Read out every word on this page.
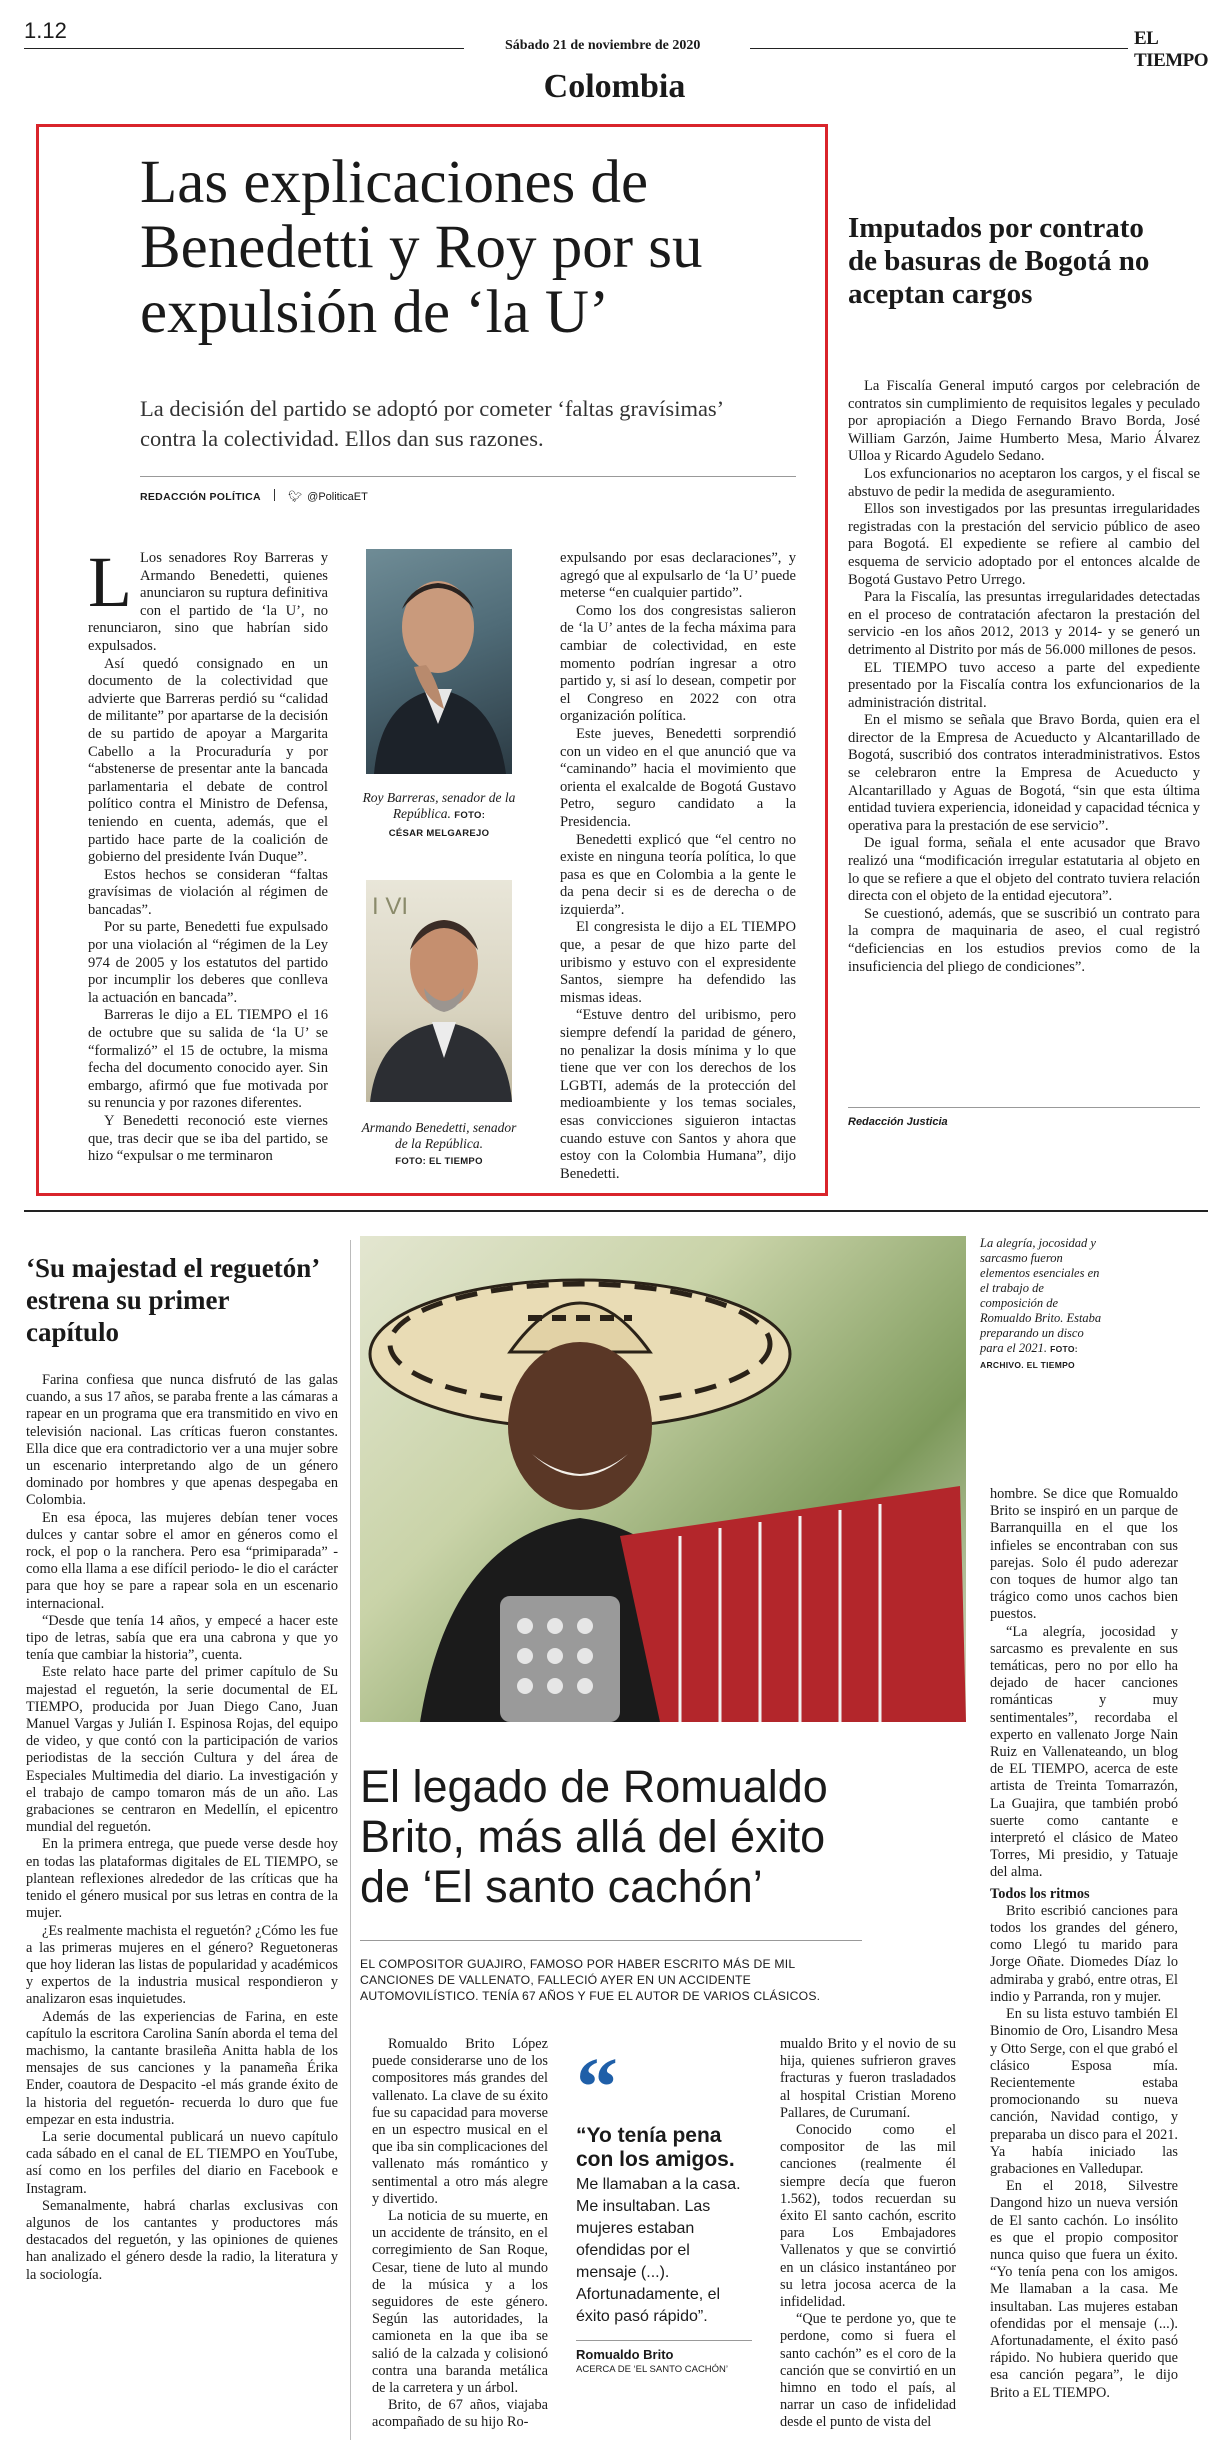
1.12
Sábado 21 de noviembre de 2020	EL TIEMPO
Colombia
Las explicaciones de Benedetti y Roy por su expulsión de ‘la U’
La decisión del partido se adoptó por cometer ‘faltas gravísimas’ contra la colectividad. Ellos dan sus razones.
REDACCIÓN POLÍTICA 🐦︎ @PoliticaET

L Los senadores Roy Barreras y Armando Benedetti, quienes anunciaron su ruptura definitiva con el partido de ‘la U’, no renunciaron, sino que habrían sido expulsados.

Así quedó consignado en un documento de la colectividad que advierte que Barreras perdió su “calidad de militante” por apartarse de la decisión de su partido de apoyar a Margarita Cabello a la Procuraduría y por “abstenerse de presentar ante la bancada parlamentaria el debate de control político contra el Ministro de Defensa, teniendo en cuenta, además, que el partido hace parte de la coalición de gobierno del presidente Iván Duque”.

Estos hechos se consideran “faltas gravísimas de violación al régimen de bancadas”.

Por su parte, Benedetti fue expulsado por una violación al “régimen de la Ley 974 de 2005 y los estatutos del partido por incumplir los deberes que conlleva la actuación en bancada”.

Barreras le dijo a EL TIEMPO el 16 de octubre que su salida de ‘la U’ se “formalizó” el 15 de octubre, la misma fecha del documento conocido ayer. Sin embargo, afirmó que fue motivada por su renuncia y por razones diferentes.

Y Benedetti reconoció este viernes que, tras decir que se iba del partido, se hizo “expulsar o me terminaron

Roy Barreras, senador de la República. FOTO:
CÉSAR MELGAREJO
I VI
Armando Benedetti, senador de la República.
FOTO: EL TIEMPO

expulsando por esas declaraciones”, y agregó que al expulsarlo de ‘la U’ puede meterse “en cualquier partido”.

Como los dos congresistas salieron de ‘la U’ antes de la fecha máxima para cambiar de colectividad, en este momento podrían ingresar a otro partido y, si así lo desean, competir por el Congreso en 2022 con otra organización política.

Este jueves, Benedetti sorprendió con un video en el que anunció que va “caminando” hacia el movimiento que orienta el exalcalde de Bogotá Gustavo Petro, seguro candidato a la Presidencia.

Benedetti explicó que “el centro no existe en ninguna teoría política, lo que pasa es que en Colombia a la gente le da pena decir si es de derecha o de izquierda”.

El congresista le dijo a EL TIEMPO que, a pesar de que hizo parte del uribismo y estuvo con el expresidente Santos, siempre ha defendido las mismas ideas.

“Estuve dentro del uribismo, pero siempre defendí la paridad de género, no penalizar la dosis mínima y lo que tiene que ver con los derechos de los LGBTI, además de la protección del medioambiente y los temas sociales, esas convicciones siguieron intactas cuando estuve con Santos y ahora que estoy con la Colombia Humana”, dijo Benedetti.

Imputados por contrato de basuras de Bogotá no aceptan cargos

La Fiscalía General imputó cargos por celebración de contratos sin cumplimiento de requisitos legales y peculado por apropiación a Diego Fernando Bravo Borda, José William Garzón, Jaime Humberto Mesa, Mario Álvarez Ulloa y Ricardo Agudelo Sedano.

Los exfuncionarios no aceptaron los cargos, y el fiscal se abstuvo de pedir la medida de aseguramiento.

Ellos son investigados por las presuntas irregularidades registradas con la prestación del servicio público de aseo para Bogotá. El expediente se refiere al cambio del esquema de servicio adoptado por el entonces alcalde de Bogotá Gustavo Petro Urrego.

Para la Fiscalía, las presuntas irregularidades detectadas en el proceso de contratación afectaron la prestación del servicio -en los años 2012, 2013 y 2014- y se generó un detrimento al Distrito por más de 56.000 millones de pesos.

EL TIEMPO tuvo acceso a parte del expediente presentado por la Fiscalía contra los exfuncionarios de la administración distrital.

En el mismo se señala que Bravo Borda, quien era el director de la Empresa de Acueducto y Alcantarillado de Bogotá, suscribió dos contratos interadministrativos. Estos se celebraron entre la Empresa de Acueducto y Alcantarillado y Aguas de Bogotá, “sin que esta última entidad tuviera experiencia, idoneidad y capacidad técnica y operativa para la prestación de ese servicio”.

De igual forma, señala el ente acusador que Bravo realizó una “modificación irregular estatutaria al objeto en lo que se refiere a que el objeto del contrato tuviera relación directa con el objeto de la entidad ejecutora”.

Se cuestionó, además, que se suscribió un contrato para la compra de maquinaria de aseo, el cual registró “deficiencias en los estudios previos como de la insuficiencia del pliego de condiciones”.

Redacción Justicia
‘Su majestad el reguetón’ estrena su primer capítulo

Farina confiesa que nunca disfrutó de las galas cuando, a sus 17 años, se paraba frente a las cámaras a rapear en un programa que era transmitido en vivo en televisión nacional. Las críticas fueron constantes. Ella dice que era contradictorio ver a una mujer sobre un escenario interpretando algo de un género dominado por hombres y que apenas despegaba en Colombia.

En esa época, las mujeres debían tener voces dulces y cantar sobre el amor en géneros como el rock, el pop o la ranchera. Pero esa “primiparada” -como ella llama a ese difícil periodo- le dio el carácter para que hoy se pare a rapear sola en un escenario internacional.

“Desde que tenía 14 años, y empecé a hacer este tipo de letras, sabía que era una cabrona y que yo tenía que cambiar la historia”, cuenta.

Este relato hace parte del primer capítulo de Su majestad el reguetón, la serie documental de EL TIEMPO, producida por Juan Diego Cano, Juan Manuel Vargas y Julián I. Espinosa Rojas, del equipo de video, y que contó con la participación de varios periodistas de la sección Cultura y del área de Especiales Multimedia del diario. La investigación y el trabajo de campo tomaron más de un año. Las grabaciones se centraron en Medellín, el epicentro mundial del reguetón.

En la primera entrega, que puede verse desde hoy en todas las plataformas digitales de EL TIEMPO, se plantean reflexiones alrededor de las críticas que ha tenido el género musical por sus letras en contra de la mujer.

¿Es realmente machista el reguetón? ¿Cómo les fue a las primeras mujeres en el género? Reguetoneras que hoy lideran las listas de popularidad y académicos y expertos de la industria musical respondieron y analizaron esas inquietudes.

Además de las experiencias de Farina, en este capítulo la escritora Carolina Sanín aborda el tema del machismo, la cantante brasileña Anitta habla de los mensajes de sus canciones y la panameña Érika Ender, coautora de Despacito -el más grande éxito de la historia del reguetón- recuerda lo duro que fue empezar en esta industria.

La serie documental publicará un nuevo capítulo cada sábado en el canal de EL TIEMPO en YouTube, así como en los perfiles del diario en Facebook e Instagram.

Semanalmente, habrá charlas exclusivas con algunos de los cantantes y productores más destacados del reguetón, y las opiniones de quienes han analizado el género desde la radio, la literatura y la sociología.

La alegría, jocosidad y sarcasmo fueron elementos esenciales en el trabajo de composición de Romualdo Brito. Estaba preparando un disco para el 2021. FOTO: ARCHIVO. EL TIEMPO
El legado de Romualdo Brito, más allá del éxito de ‘El santo cachón’
EL COMPOSITOR GUAJIRO, FAMOSO POR HABER ESCRITO MÁS DE MIL CANCIONES DE VALLENATO, FALLECIÓ AYER EN UN ACCIDENTE AUTOMOVILÍSTICO. TENÍA 67 AÑOS Y FUE EL AUTOR DE VARIOS CLÁSICOS.

Romualdo Brito López puede considerarse uno de los compositores más grandes del vallenato. La clave de su éxito fue su capacidad para moverse en un espectro musical en el que iba sin complicaciones del vallenato más romántico y sentimental a otro más alegre y divertido.

La noticia de su muerte, en un accidente de tránsito, en el corregimiento de San Roque, Cesar, tiene de luto al mundo de la música y a los seguidores de este género. Según las autoridades, la camioneta en la que iba se salió de la calzada y colisionó contra una baranda metálica de la carretera y un árbol.

Brito, de 67 años, viajaba acompañado de su hijo Ro-

“
“Yo tenía pena con los amigos.
Me llamaban a la casa. Me insultaban. Las mujeres estaban ofendidas por el mensaje (...). Afortunadamente, el éxito pasó rápido”.
Romualdo Brito
ACERCA DE ‘EL SANTO CACHÓN’

mualdo Brito y el novio de su hija, quienes sufrieron graves fracturas y fueron trasladados al hospital Cristian Moreno Pallares, de Curumaní.

Conocido como el compositor de las mil canciones (realmente él siempre decía que fueron 1.562), todos recuerdan su éxito El santo cachón, escrito para Los Embajadores Vallenatos y que se convirtió en un clásico instantáneo por su letra jocosa acerca de la infidelidad.

“Que te perdone yo, que te perdone, como si fuera el santo cachón” es el coro de la canción que se convirtió en un himno en todo el país, al narrar un caso de infidelidad desde el punto de vista del

hombre. Se dice que Romualdo Brito se inspiró en un parque de Barranquilla en el que los infieles se encontraban con sus parejas. Solo él pudo aderezar con toques de humor algo tan trágico como unos cachos bien puestos.

“La alegría, jocosidad y sarcasmo es prevalente en sus temáticas, pero no por ello ha dejado de hacer canciones románticas y muy sentimentales”, recordaba el experto en vallenato Jorge Nain Ruiz en Vallenateando, un blog de EL TIEMPO, acerca de este artista de Treinta Tomarrazón, La Guajira, que también probó suerte como cantante e interpretó el clásico de Mateo Torres, Mi presidio, y Tatuaje del alma.

Todos los ritmos

Brito escribió canciones para todos los grandes del género, como Llegó tu marido para Jorge Oñate. Diomedes Díaz lo admiraba y grabó, entre otras, El indio y Parranda, ron y mujer.

En su lista estuvo también El Binomio de Oro, Lisandro Mesa y Otto Serge, con el que grabó el clásico Esposa mía. Recientemente estaba promocionando su nueva canción, Navidad contigo, y preparaba un disco para el 2021. Ya había iniciado las grabaciones en Valledupar.

En el 2018, Silvestre Dangond hizo un nueva versión de El santo cachón. Lo insólito es que el propio compositor nunca quiso que fuera un éxito. “Yo tenía pena con los amigos. Me llamaban a la casa. Me insultaban. Las mujeres estaban ofendidas por el mensaje (...). Afortunadamente, el éxito pasó rápido. No hubiera querido que esa canción pegara”, le dijo Brito a EL TIEMPO.
